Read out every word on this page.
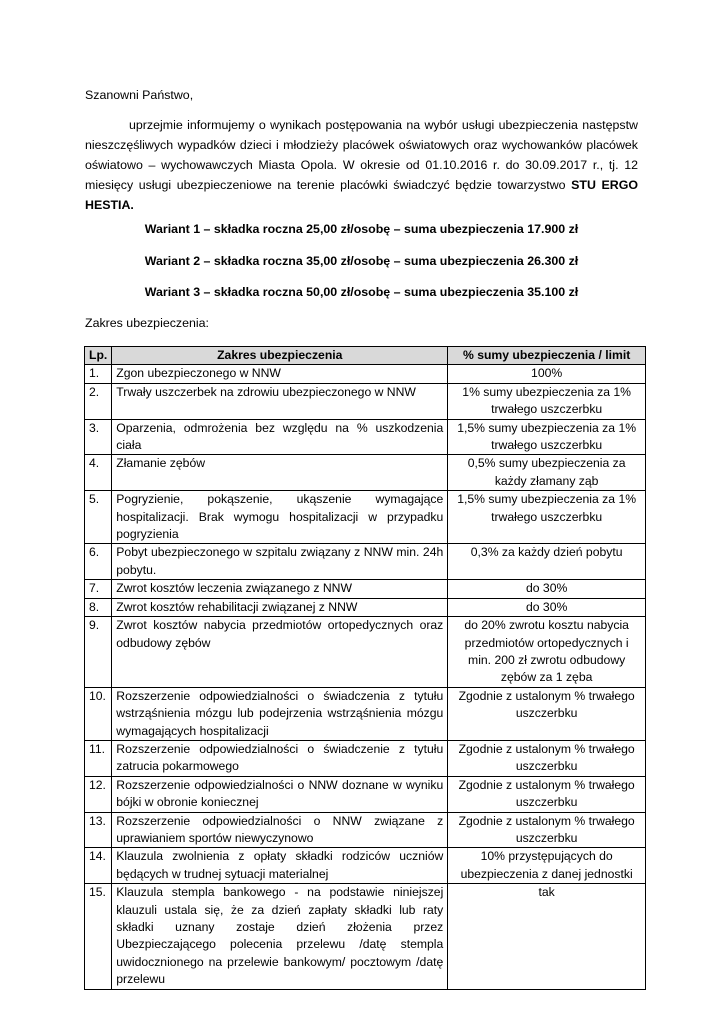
Szanowni Państwo,

uprzejmie informujemy o wynikach postępowania na wybór usługi ubezpieczenia następstw nieszczęśliwych wypadków dzieci i młodzieży placówek oświatowych oraz wychowanków placówek oświatowo – wychowawczych Miasta Opola. W okresie od 01.10.2016 r. do 30.09.2017 r., tj. 12 miesięcy usługi ubezpieczeniowe na terenie placówki świadczyć będzie towarzystwo STU ERGO HESTIA.

Wariant 1 – składka roczna 25,00 zł/osobę – suma ubezpieczenia 17.900 zł
Wariant 2 – składka roczna 35,00 zł/osobę – suma ubezpieczenia 26.300 zł
Wariant 3 – składka roczna 50,00 zł/osobę – suma ubezpieczenia 35.100 zł
Zakres ubezpieczenia:
Lp.	Zakres ubezpieczenia	% sumy ubezpieczenia / limit
1.	Zgon ubezpieczonego w NNW	100%
2.	Trwały uszczerbek na zdrowiu ubezpieczonego w NNW	1% sumy ubezpieczenia za 1% trwałego uszczerbku
3.	Oparzenia, odmrożenia bez względu na % uszkodzenia ciała	1,5% sumy ubezpieczenia za 1% trwałego uszczerbku
4.	Złamanie zębów	0,5% sumy ubezpieczenia za każdy złamany ząb
5.	Pogryzienie, pokąszenie, ukąszenie wymagające hospitalizacji. Brak wymogu hospitalizacji w przypadku pogryzienia	1,5% sumy ubezpieczenia za 1% trwałego uszczerbku
6.	Pobyt ubezpieczonego w szpitalu związany z NNW min. 24h pobytu.	0,3% za każdy dzień pobytu
7.	Zwrot kosztów leczenia związanego z NNW	do 30%
8.	Zwrot kosztów rehabilitacji związanej z NNW	do 30%
9.	Zwrot kosztów nabycia przedmiotów ortopedycznych oraz odbudowy zębów	do 20% zwrotu kosztu nabycia przedmiotów ortopedycznych i min. 200 zł zwrotu odbudowy zębów za 1 zęba
10.	Rozszerzenie odpowiedzialności o świadczenia z tytułu wstrząśnienia mózgu lub podejrzenia wstrząśnienia mózgu wymagających hospitalizacji	Zgodnie z ustalonym % trwałego uszczerbku
11.	Rozszerzenie odpowiedzialności o świadczenie z tytułu zatrucia pokarmowego	Zgodnie z ustalonym % trwałego uszczerbku
12.	Rozszerzenie odpowiedzialności o NNW doznane w wyniku bójki w obronie koniecznej	Zgodnie z ustalonym % trwałego uszczerbku
13.	Rozszerzenie odpowiedzialności o NNW związane z uprawianiem sportów niewyczynowo	Zgodnie z ustalonym % trwałego uszczerbku
14.	Klauzula zwolnienia z opłaty składki rodziców uczniów będących w trudnej sytuacji materialnej	10% przystępujących do ubezpieczenia z danej jednostki
15.	Klauzula stempla bankowego - na podstawie niniejszej klauzuli ustala się, że za dzień zapłaty składki lub raty składki uznany zostaje dzień złożenia przez Ubezpieczającego polecenia przelewu /datę stempla uwidocznionego na przelewie bankowym/ pocztowym /datę przelewu	tak
